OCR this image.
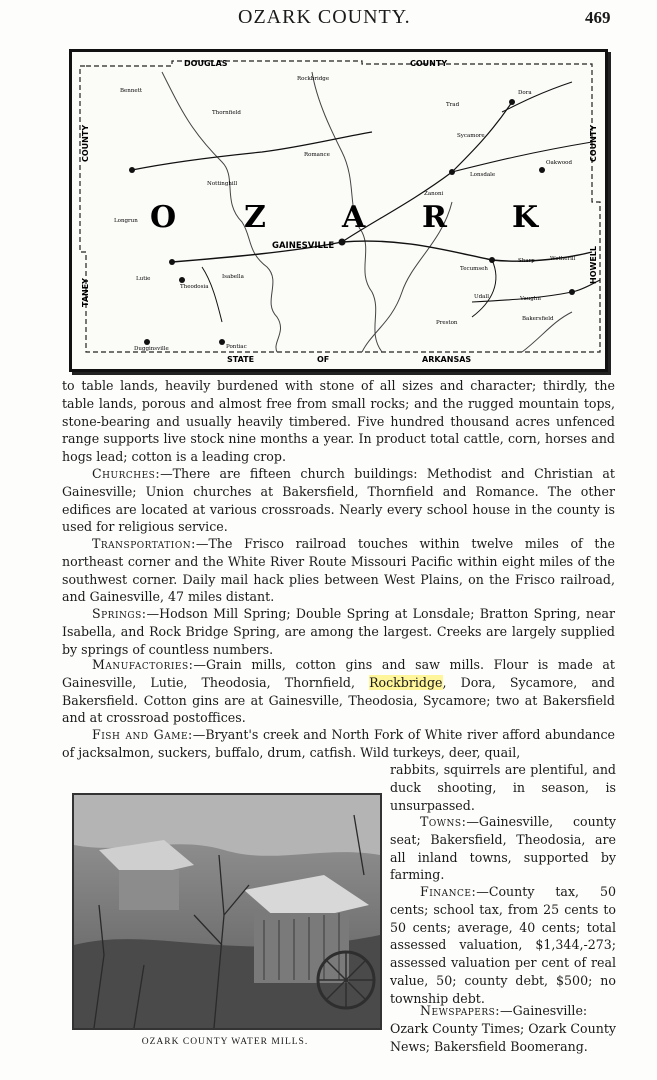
OZARK COUNTY.	469
DOUGLAS	COUNTY
STATE	OF	ARKANSAS
COUNTY
TANEY
COUNTY
HOWELL
O Z	A R K
GAINESVILLE
Bennett
Longrun
Lutie
Theodosia
Isabella
Nottinghill
Romance
Zanoni
Tecumseh
Sharp	Wetherill
Dora
Trad
Oakwood
Bakersfield
Vaughn
Pontiac
Dugginsville
Rockbridge
Thornfield
Lonsdale
Sycamore
Preston
Udall

to table lands, heavily burdened with stone of all sizes and character; thirdly, the table lands, porous and almost free from small rocks; and the rugged mountain tops, stone-bearing and usually heavily timbered. Five hundred thousand acres unfenced range supports live stock nine months a year. In product total cattle, corn, horses and hogs lead; cotton is a leading crop.

Churches:—There are fifteen church buildings: Methodist and Christian at Gainesville; Union churches at Bakersfield, Thornfield and Romance. The other edifices are located at various crossroads. Nearly every school house in the county is used for religious service.

Transportation:—The Frisco railroad touches within twelve miles of the northeast corner and the White River Route Missouri Pacific within eight miles of the southwest corner. Daily mail hack plies between West Plains, on the Frisco railroad, and Gainesville, 47 miles distant.

Springs:—Hodson Mill Spring; Double Spring at Lonsdale; Bratton Spring, near Isabella, and Rock Bridge Spring, are among the largest. Creeks are largely supplied by springs of countless numbers.

Manufactories:—Grain mills, cotton gins and saw mills. Flour is made at Gainesville, Lutie, Theodosia, Thornfield, Rockbridge, Dora, Sycamore, and Bakersfield. Cotton gins are at Gainesville, Theodosia, Sycamore; two at Bakersfield and at crossroad postoffices.

Fish and Game:—Bryant's creek and North Fork of White river afford abundance of jacksalmon, suckers, buffalo, drum, catfish. Wild turkeys, deer, quail,

rabbits, squirrels are plentiful, and duck shooting, in season, is unsurpassed.

Towns:—Gainesville, county seat; Bakersfield, Theodosia, are all inland towns, supported by farming.

Finance:—County tax, 50 cents; school tax, from 25 cents to 50 cents; average, 40 cents; total assessed valuation, $1,344,-273; assessed valuation per cent of real value, 50; county debt, $500; no township debt.

Newspapers:—Gainesville: Ozark County Times; Ozark County News; Bakersfield Boomerang.

OZARK COUNTY WATER MILLS.
